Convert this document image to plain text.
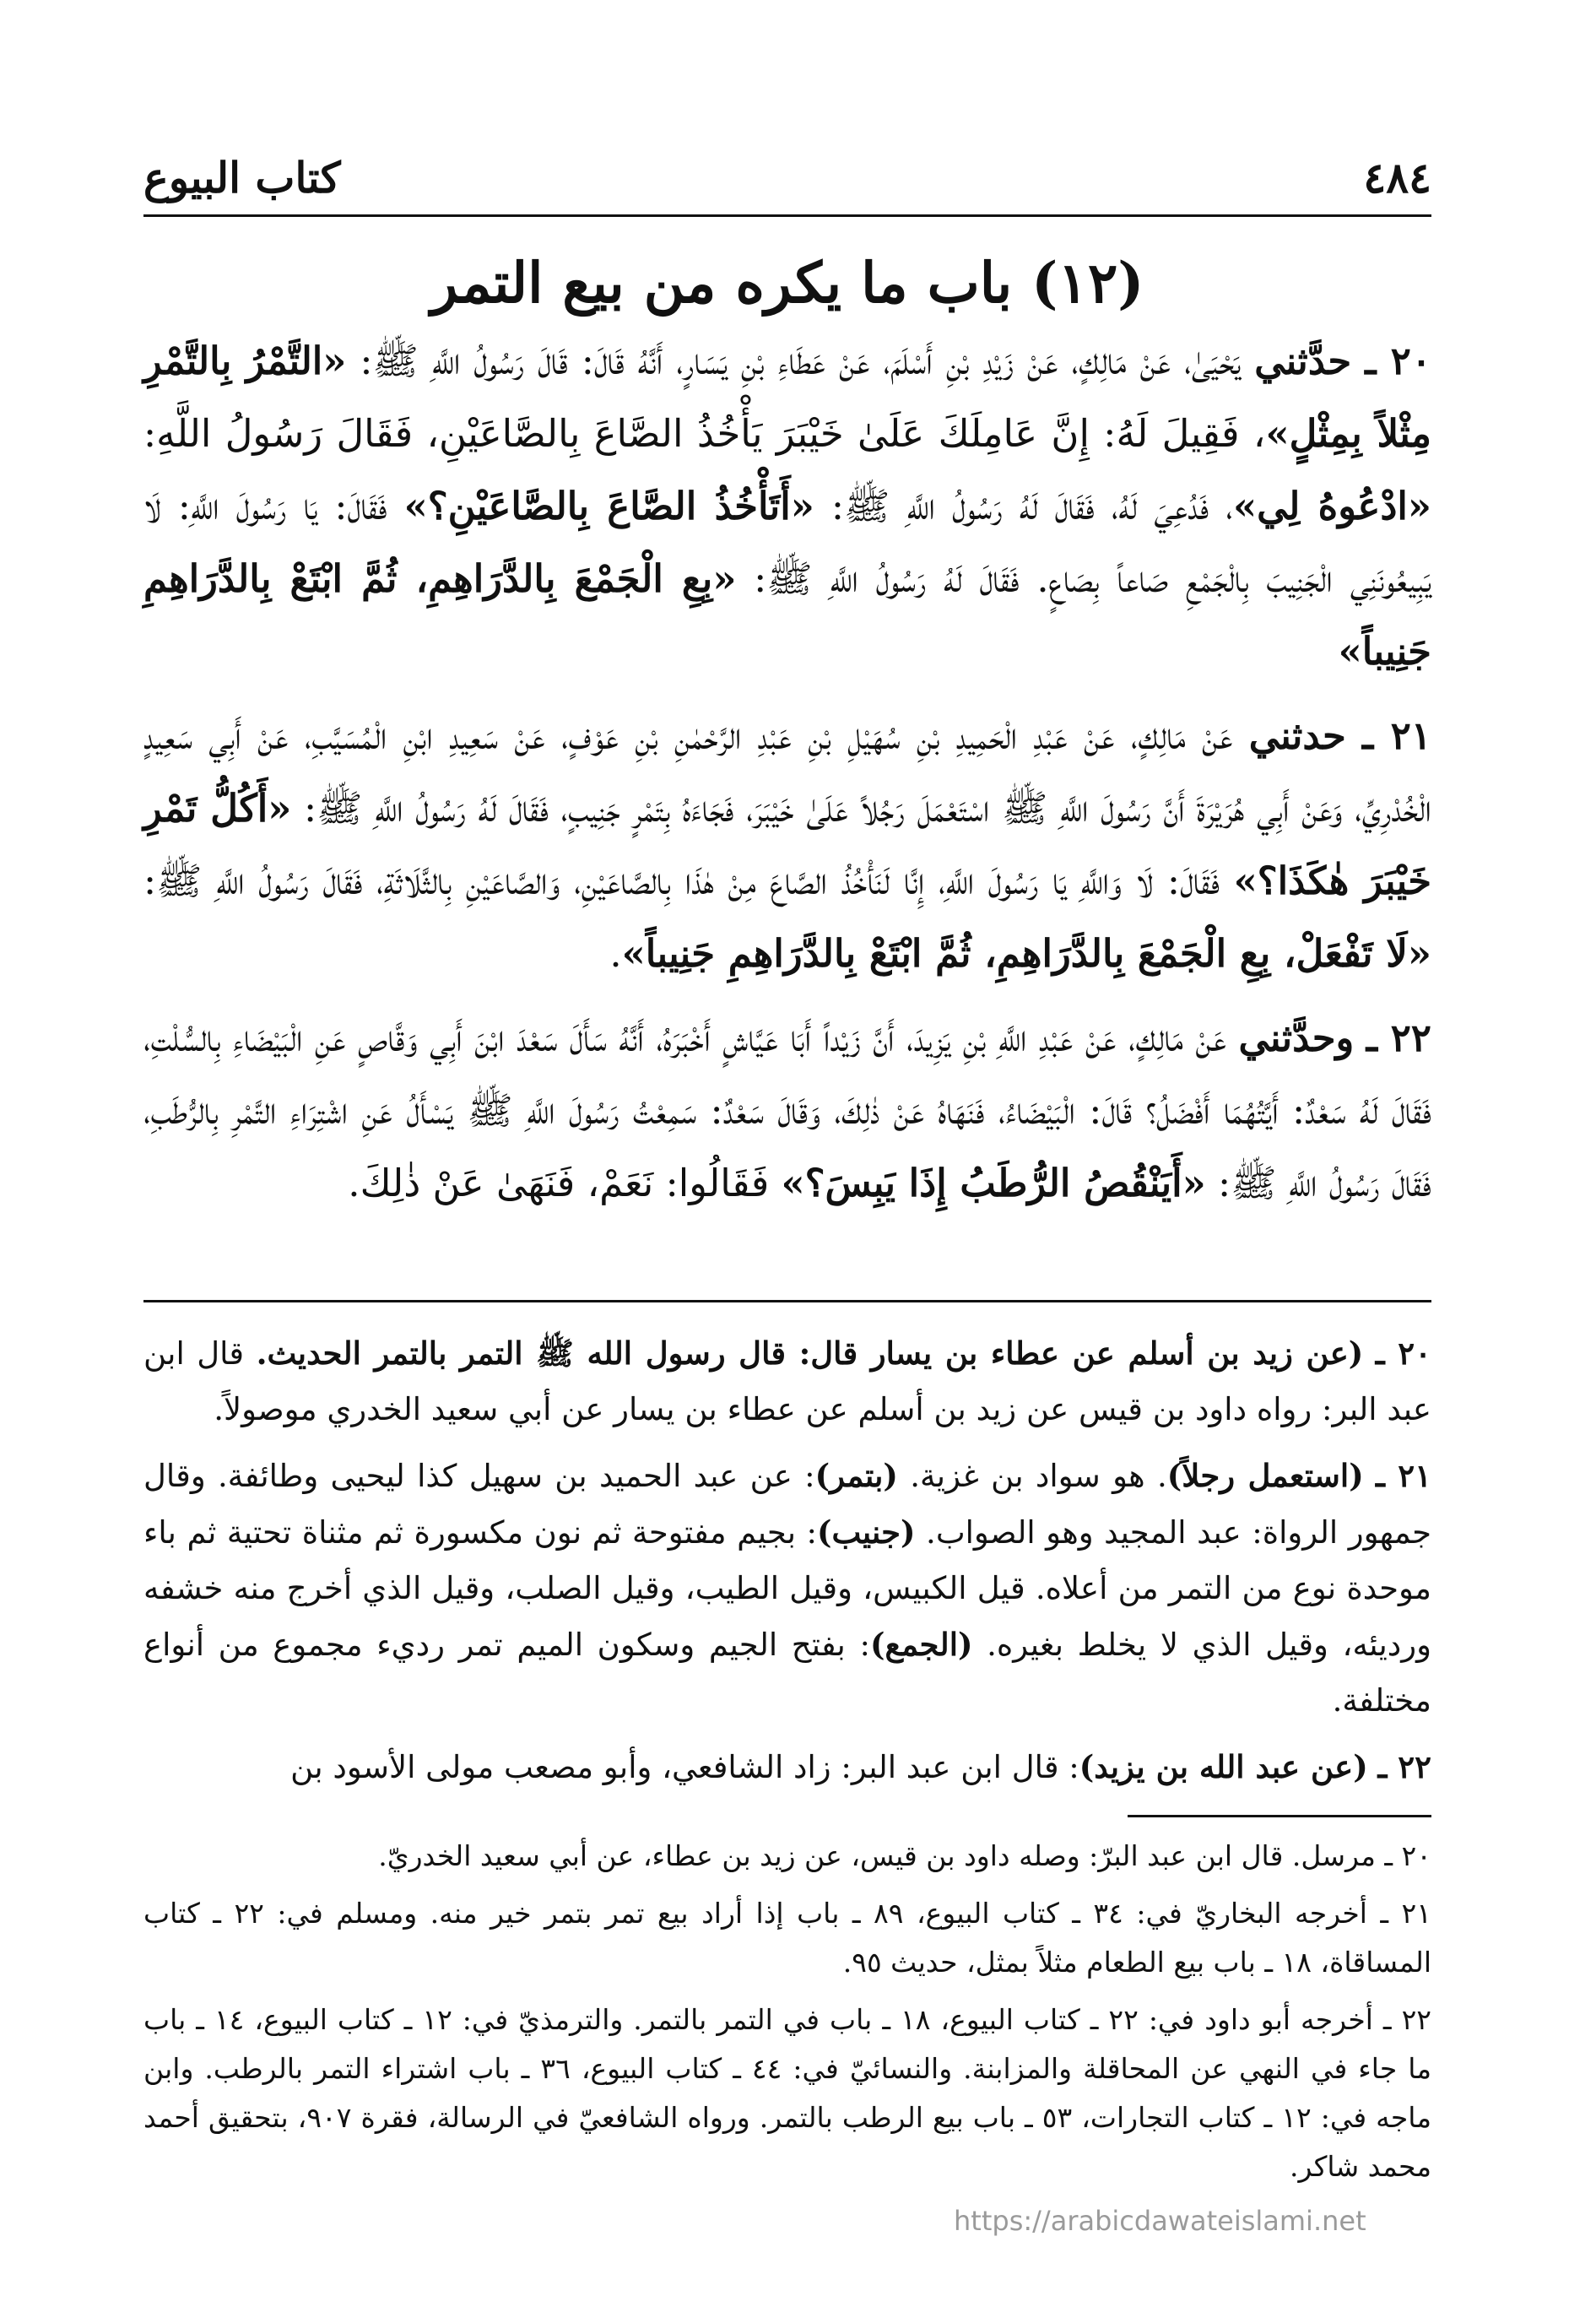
٤٨٤
كتاب البيوع
(١٢) باب ما يكره من بيع التمر

٢٠ ـ حدَّثني يَحْيَىٰ، عَنْ مَالِكٍ، عَنْ زَيْدِ بْنِ أَسْلَمَ، عَنْ عَطَاءِ بْنِ يَسَارٍ، أَنَّهُ قَالَ: قَالَ رَسُولُ اللَّهِ ﷺ: «التَّمْرُ بِالتَّمْرِ مِثْلاً بِمِثْلٍ»، فَقِيلَ لَهُ: إِنَّ عَامِلَكَ عَلَىٰ خَيْبَرَ يَأْخُذُ الصَّاعَ بِالصَّاعَيْنِ، فَقَالَ رَسُولُ اللَّهِ: «ادْعُوهُ لِي»، فَدُعِيَ لَهُ، فَقَالَ لَهُ رَسُولُ اللَّهِ ﷺ: «أَتَأْخُذُ الصَّاعَ بِالصَّاعَيْنِ؟» فَقَالَ: يَا رَسُولَ اللَّهِ: لَا يَبِيعُونَنِي الْجَنِيبَ بِالْجَمْعِ صَاعاً بِصَاعٍ. فَقَالَ لَهُ رَسُولُ اللَّهِ ﷺ: «بِعِ الْجَمْعَ بِالدَّرَاهِمِ، ثُمَّ ابْتَعْ بِالدَّرَاهِمِ جَنِيباً»

٢١ ـ حدثني عَنْ مَالِكٍ، عَنْ عَبْدِ الْحَمِيدِ بْنِ سُهَيْلِ بْنِ عَبْدِ الرَّحْمٰنِ بْنِ عَوْفٍ، عَنْ سَعِيدِ ابْنِ الْمُسَيَّبِ، عَنْ أَبِي سَعِيدٍ الْخُدْرِيِّ، وَعَنْ أَبِي هُرَيْرَةَ أَنَّ رَسُولَ اللَّهِ ﷺ اسْتَعْمَلَ رَجُلاً عَلَىٰ خَيْبَرَ، فَجَاءَهُ بِتَمْرٍ جَنِيبٍ، فَقَالَ لَهُ رَسُولُ اللَّهِ ﷺ: «أَكُلُّ تَمْرِ خَيْبَرَ هٰكَذَا؟» فَقَالَ: لَا وَاللَّهِ يَا رَسُولَ اللَّهِ، إِنَّا لَنَأْخُذُ الصَّاعَ مِنْ هٰذَا بِالصَّاعَيْنِ، وَالصَّاعَيْنِ بِالثَّلَاثَةِ، فَقَالَ رَسُولُ اللَّهِ ﷺ: «لَا تَفْعَلْ، بِعِ الْجَمْعَ بِالدَّرَاهِمِ، ثُمَّ ابْتَعْ بِالدَّرَاهِمِ جَنِيباً».

٢٢ ـ وحدَّثني عَنْ مَالِكٍ، عَنْ عَبْدِ اللَّهِ بْنِ يَزِيدَ، أَنَّ زَيْداً أَبَا عَيَّاشٍ أَخْبَرَهُ، أَنَّهُ سَأَلَ سَعْدَ ابْنَ أَبِي وَقَّاصٍ عَنِ الْبَيْضَاءِ بِالسُّلْتِ، فَقَالَ لَهُ سَعْدٌ: أَيَّتُهُمَا أَفْضَلُ؟ قَالَ: الْبَيْضَاءُ، فَنَهَاهُ عَنْ ذٰلِكَ، وَقَالَ سَعْدٌ: سَمِعْتُ رَسُولَ اللَّهِ ﷺ يَسْأَلُ عَنِ اشْتِرَاءِ التَّمْرِ بِالرُّطَبِ، فَقَالَ رَسُولُ اللَّهِ ﷺ: «أَيَنْقُصُ الرُّطَبُ إِذَا يَبِسَ؟» فَقَالُوا: نَعَمْ، فَنَهَىٰ عَنْ ذٰلِكَ.

٢٠ ـ (عن زيد بن أسلم عن عطاء بن يسار قال: قال رسول الله ﷺ التمر بالتمر الحديث. قال ابن عبد البر: رواه داود بن قيس عن زيد بن أسلم عن عطاء بن يسار عن أبي سعيد الخدري موصولاً.

٢١ ـ (استعمل رجلاً). هو سواد بن غزية. (بتمر): عن عبد الحميد بن سهيل كذا ليحيى وطائفة. وقال جمهور الرواة: عبد المجيد وهو الصواب. (جنيب): بجيم مفتوحة ثم نون مكسورة ثم مثناة تحتية ثم باء موحدة نوع من التمر من أعلاه. قيل الكبيس، وقيل الطيب، وقيل الصلب، وقيل الذي أخرج منه خشفه ورديئه، وقيل الذي لا يخلط بغيره. (الجمع): بفتح الجيم وسكون الميم تمر رديء مجموع من أنواع مختلفة.

٢٢ ـ (عن عبد الله بن يزيد): قال ابن عبد البر: زاد الشافعي، وأبو مصعب مولى الأسود بن

٢٠ ـ مرسل. قال ابن عبد البرّ: وصله داود بن قيس، عن زيد بن عطاء، عن أبي سعيد الخدريّ.

٢١ ـ أخرجه البخاريّ في: ٣٤ ـ كتاب البيوع، ٨٩ ـ باب إذا أراد بيع تمر بتمر خير منه. ومسلم في: ٢٢ ـ كتاب المساقاة، ١٨ ـ باب بيع الطعام مثلاً بمثل، حديث ٩٥.

٢٢ ـ أخرجه أبو داود في: ٢٢ ـ كتاب البيوع، ١٨ ـ باب في التمر بالتمر. والترمذيّ في: ١٢ ـ كتاب البيوع، ١٤ ـ باب ما جاء في النهي عن المحاقلة والمزابنة. والنسائيّ في: ٤٤ ـ كتاب البيوع، ٣٦ ـ باب اشتراء التمر بالرطب. وابن ماجه في: ١٢ ـ كتاب التجارات، ٥٣ ـ باب بيع الرطب بالتمر. ورواه الشافعيّ في الرسالة، فقرة ٩٠٧، بتحقيق أحمد محمد شاكر.

https://arabicdawateislami.net
